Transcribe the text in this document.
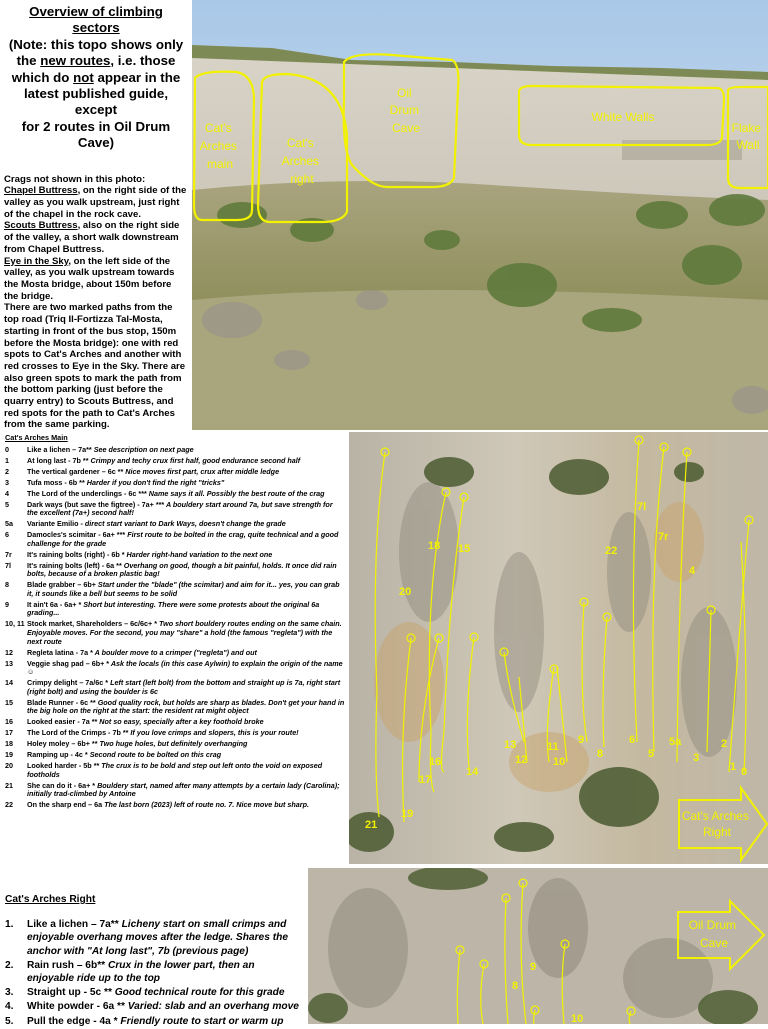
Overview of climbing sectors
(Note: this topo shows only
the new routes, i.e. those
which do not appear in the
latest published guide, except
for 2 routes in Oil Drum Cave)
Crags not shown in this photo:
Chapel Buttress, on the right side of the valley as you walk upstream, just right of the chapel in the rock cave.
Scouts Buttress, also on the right side of the valley, a short walk downstream from Chapel Buttress.
Eye in the Sky, on the left side of the valley, as you walk upstream towards the Mosta bridge, about 150m before the bridge.
There are two marked paths from the top road (Triq Il-Fortizza Tal-Mosta, starting in front of the bus stop, 150m before the Mosta bridge): one with red spots to Cat's Arches and another with red crosses to Eye in the Sky. There are also green spots to mark the path from the bottom parking (just before the quarry entry) to Scouts Buttress, and red spots for the path to Cat's Arches from the same parking.
Cat's Arches main
Cat's Arches right
Oil Drum Cave
White Walls
Flake Wall
Cat's Arches Main
0	Like a lichen – 7a** See description on next page
1	At long last - 7b ** Crimpy and techy crux first half, good endurance second half
2	The vertical gardener – 6c ** Nice moves first part, crux after middle ledge
3	Tufa moss - 6b ** Harder if you don't find the right "tricks"
4	The Lord of the underclings - 6c *** Name says it all. Possibly the best route of the crag
5	Dark ways (but save the figtree) - 7a+ *** A bouldery start around 7a, but save strength for the excellent (7a+) second half!
5a	Variante Emilio - direct start variant to Dark Ways, doesn't change the grade
6	Damocles's scimitar - 6a+ *** First route to be bolted in the crag, quite technical and a good challenge for the grade
7r	It's raining bolts (right) - 6b * Harder right-hand variation to the next one
7l	It's raining bolts (left) - 6a ** Overhang on good, though a bit painful, holds. It once did rain bolts, because of a broken plastic bag!
8	Blade grabber – 6b+ Start under the "blade" (the scimitar) and aim for it... yes, you can grab it, it sounds like a bell but seems to be solid
9	It ain't 6a - 6a+ * Short but interesting. There were some protests about the original 6a grading...
10, 11 Stock market, Shareholders – 6c/6c+ * Two short bouldery routes ending on the same chain. Enjoyable moves. For the second, you may "share" a hold (the famous "regleta") with the next route
12	Regleta latina - 7a * A boulder move to a crimper ("regleta") and out
13	Veggie shag pad – 6b+ * Ask the locals (in this case Aylwin) to explain the origin of the name ☺
14	Crimpy delight – 7a/6c * Left start (left bolt) from the bottom and straight up is 7a, right start (right bolt) and using the boulder is 6c
15	Blade Runner - 6c ** Good quality rock, but holds are sharp as blades. Don't get your hand in the big hole on the right at the start: the resident rat might object
16	Looked easier - 7a ** Not so easy, specially after a key foothold broke
17	The Lord of the Crimps - 7b ** If you love crimps and slopers, this is your route!
18	Holey moley – 6b+ ** Two huge holes, but definitely overhanging
19	Ramping up - 4c * Second route to be bolted on this crag
20	Looked harder - 5b ** The crux is to be bold and step out left onto the void on exposed footholds
21	She can do it - 6a+ * Bouldery start, named after many attempts by a certain lady (Carolina); initially trad-climbed by Antoine
22	On the sharp end – 6a The last born (2023) left of route no. 7. Nice move but sharp.
0
1
2
3
4
5
5a
6
7l
7r
8
9
10
11
12
13
14
15
16
17
18
19
20
21
22
Cat's Arches Right
Cat's Arches Right
1.	Like a lichen – 7a** Licheny start on small crimps and enjoyable overhang moves after the ledge. Shares the anchor with "At long last", 7b (previous page)
2.	Rain rush – 6b** Crux in the lower part, then an enjoyable ride up to the top
3.	Straight up - 5c ** Good technical route for this grade
4.	White powder - 6a ** Varied: slab and an overhang move
5.	Pull the edge - 4a * Friendly route to start or warm up
8
9
10
Oil Drum Cave
